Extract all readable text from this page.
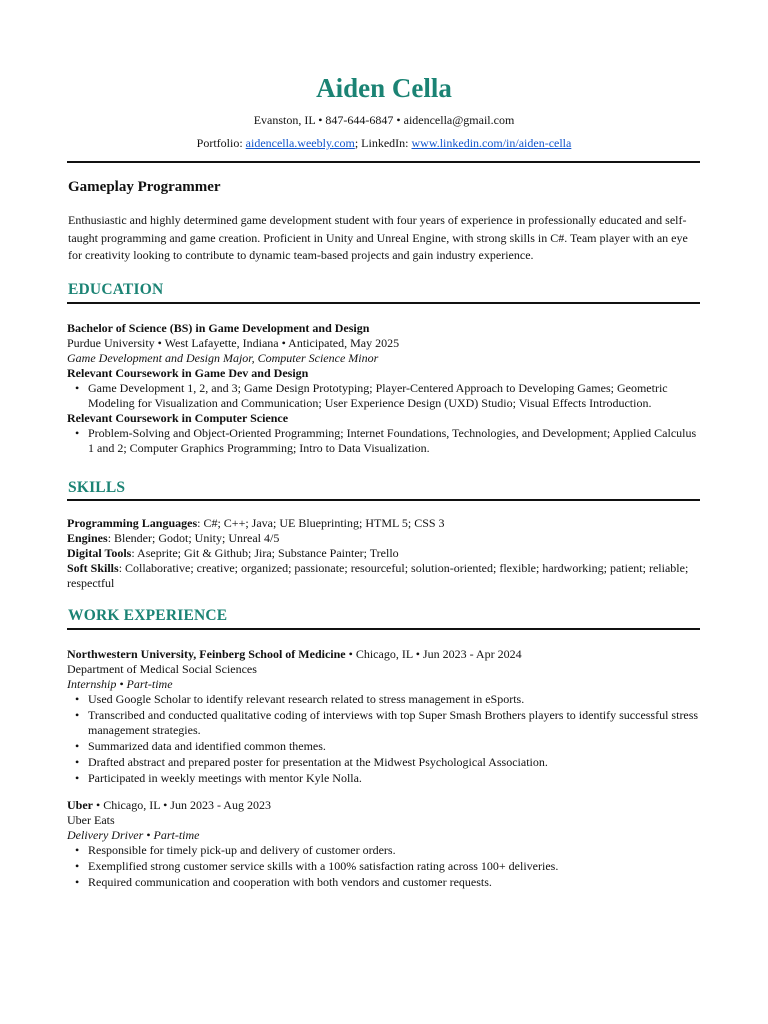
Aiden Cella
Evanston, IL • 847-644-6847 • aidencella@gmail.com
Portfolio: aidencella.weebly.com; LinkedIn: www.linkedin.com/in/aiden-cella
Gameplay Programmer
Enthusiastic and highly determined game development student with four years of experience in professionally educated and self-taught programming and game creation. Proficient in Unity and Unreal Engine, with strong skills in C#. Team player with an eye for creativity looking to contribute to dynamic team-based projects and gain industry experience.
EDUCATION
Bachelor of Science (BS) in Game Development and Design
Purdue University • West Lafayette, Indiana • Anticipated, May 2025
Game Development and Design Major, Computer Science Minor
Relevant Coursework in Game Dev and Design
• Game Development 1, 2, and 3; Game Design Prototyping; Player-Centered Approach to Developing Games; Geometric Modeling for Visualization and Communication; User Experience Design (UXD) Studio; Visual Effects Introduction.
Relevant Coursework in Computer Science
• Problem-Solving and Object-Oriented Programming; Internet Foundations, Technologies, and Development; Applied Calculus 1 and 2; Computer Graphics Programming; Intro to Data Visualization.
SKILLS
Programming Languages: C#; C++; Java; UE Blueprinting; HTML 5; CSS 3
Engines: Blender; Godot; Unity; Unreal 4/5
Digital Tools: Aseprite; Git & Github; Jira; Substance Painter; Trello
Soft Skills: Collaborative; creative; organized; passionate; resourceful; solution-oriented; flexible; hardworking; patient; reliable; respectful
WORK EXPERIENCE
Northwestern University, Feinberg School of Medicine • Chicago, IL • Jun 2023 - Apr 2024
Department of Medical Social Sciences
Internship • Part-time
• Used Google Scholar to identify relevant research related to stress management in eSports.
• Transcribed and conducted qualitative coding of interviews with top Super Smash Brothers players to identify successful stress management strategies.
• Summarized data and identified common themes.
• Drafted abstract and prepared poster for presentation at the Midwest Psychological Association.
• Participated in weekly meetings with mentor Kyle Nolla.
Uber • Chicago, IL • Jun 2023 - Aug 2023
Uber Eats
Delivery Driver • Part-time
• Responsible for timely pick-up and delivery of customer orders.
• Exemplified strong customer service skills with a 100% satisfaction rating across 100+ deliveries.
• Required communication and cooperation with both vendors and customer requests.
